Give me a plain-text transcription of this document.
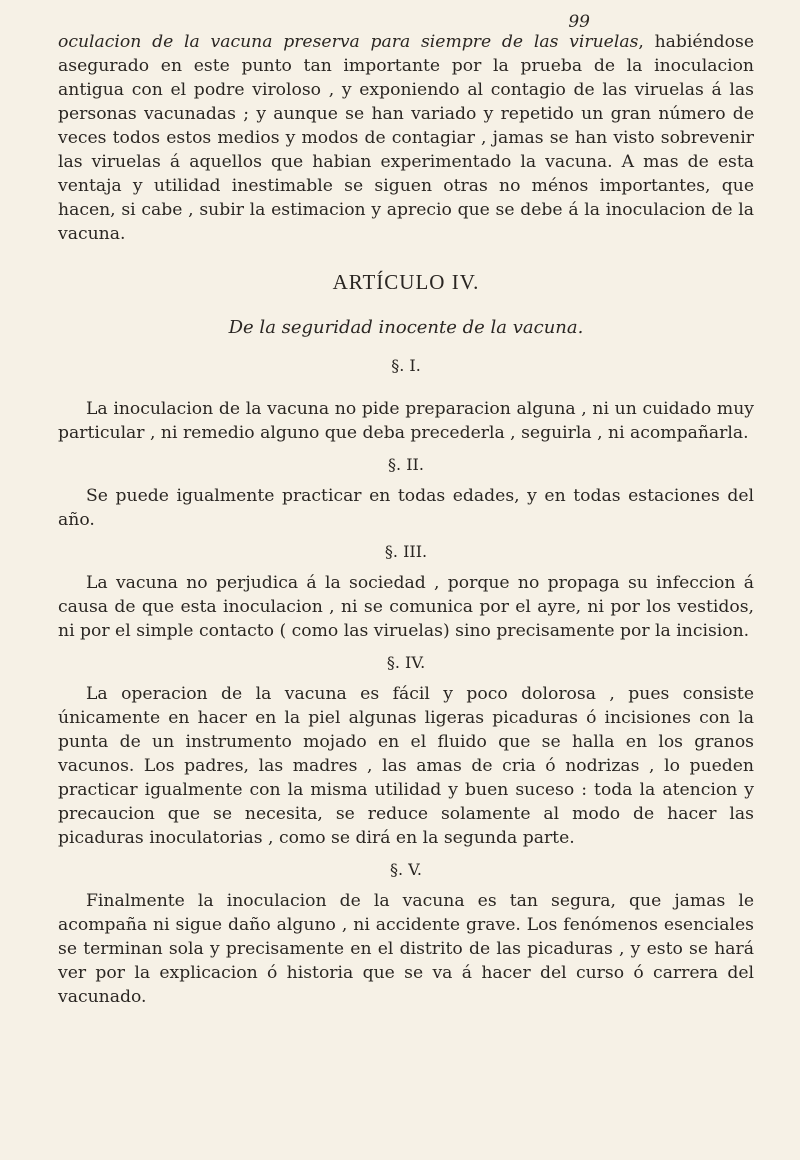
99

oculacion de la vacuna preserva para siempre de las viruelas, habiéndose asegurado en este punto tan importante por la prueba de la inoculacion antigua con el podre viroloso , y exponiendo al contagio de las viruelas á las personas vacunadas ; y aunque se han variado y repetido un gran número de veces todos estos medios y modos de contagiar , jamas se han visto sobrevenir las viruelas á aquellos que habian experimentado la vacuna. A mas de esta ventaja y utilidad inestimable se siguen otras no ménos importantes, que hacen, si cabe , subir la estimacion y aprecio que se debe á la inoculacion de la vacuna.

ARTÍCULO IV.
De la seguridad inocente de la vacuna.
§. I.

La inoculacion de la vacuna no pide preparacion alguna , ni un cuidado muy particular , ni remedio alguno que deba precederla , seguirla , ni acompañarla.

§. II.

Se puede igualmente practicar en todas edades, y en todas estaciones del año.

§. III.

La vacuna no perjudica á la sociedad , porque no propaga su infeccion á causa de que esta inoculacion , ni se comunica por el ayre, ni por los vestidos, ni por el simple contacto ( como las viruelas) sino precisamente por la incision.

§. IV.

La operacion de la vacuna es fácil y poco dolorosa , pues consiste únicamente en hacer en la piel algunas ligeras picaduras ó incisiones con la punta de un instrumento mojado en el fluido que se halla en los granos vacunos. Los padres, las madres , las amas de cria ó nodrizas , lo pueden practicar igualmente con la misma utilidad y buen suceso : toda la atencion y precaucion que se necesita, se reduce solamente al modo de hacer las picaduras inoculatorias , como se dirá en la segunda parte.

§. V.

Finalmente la inoculacion de la vacuna es tan segura, que jamas le acompaña ni sigue daño alguno , ni accidente grave. Los fenómenos esenciales se terminan sola y precisamente en el distrito de las picaduras , y esto se hará ver por la explicacion ó historia que se va á hacer del curso ó carrera del vacunado.
